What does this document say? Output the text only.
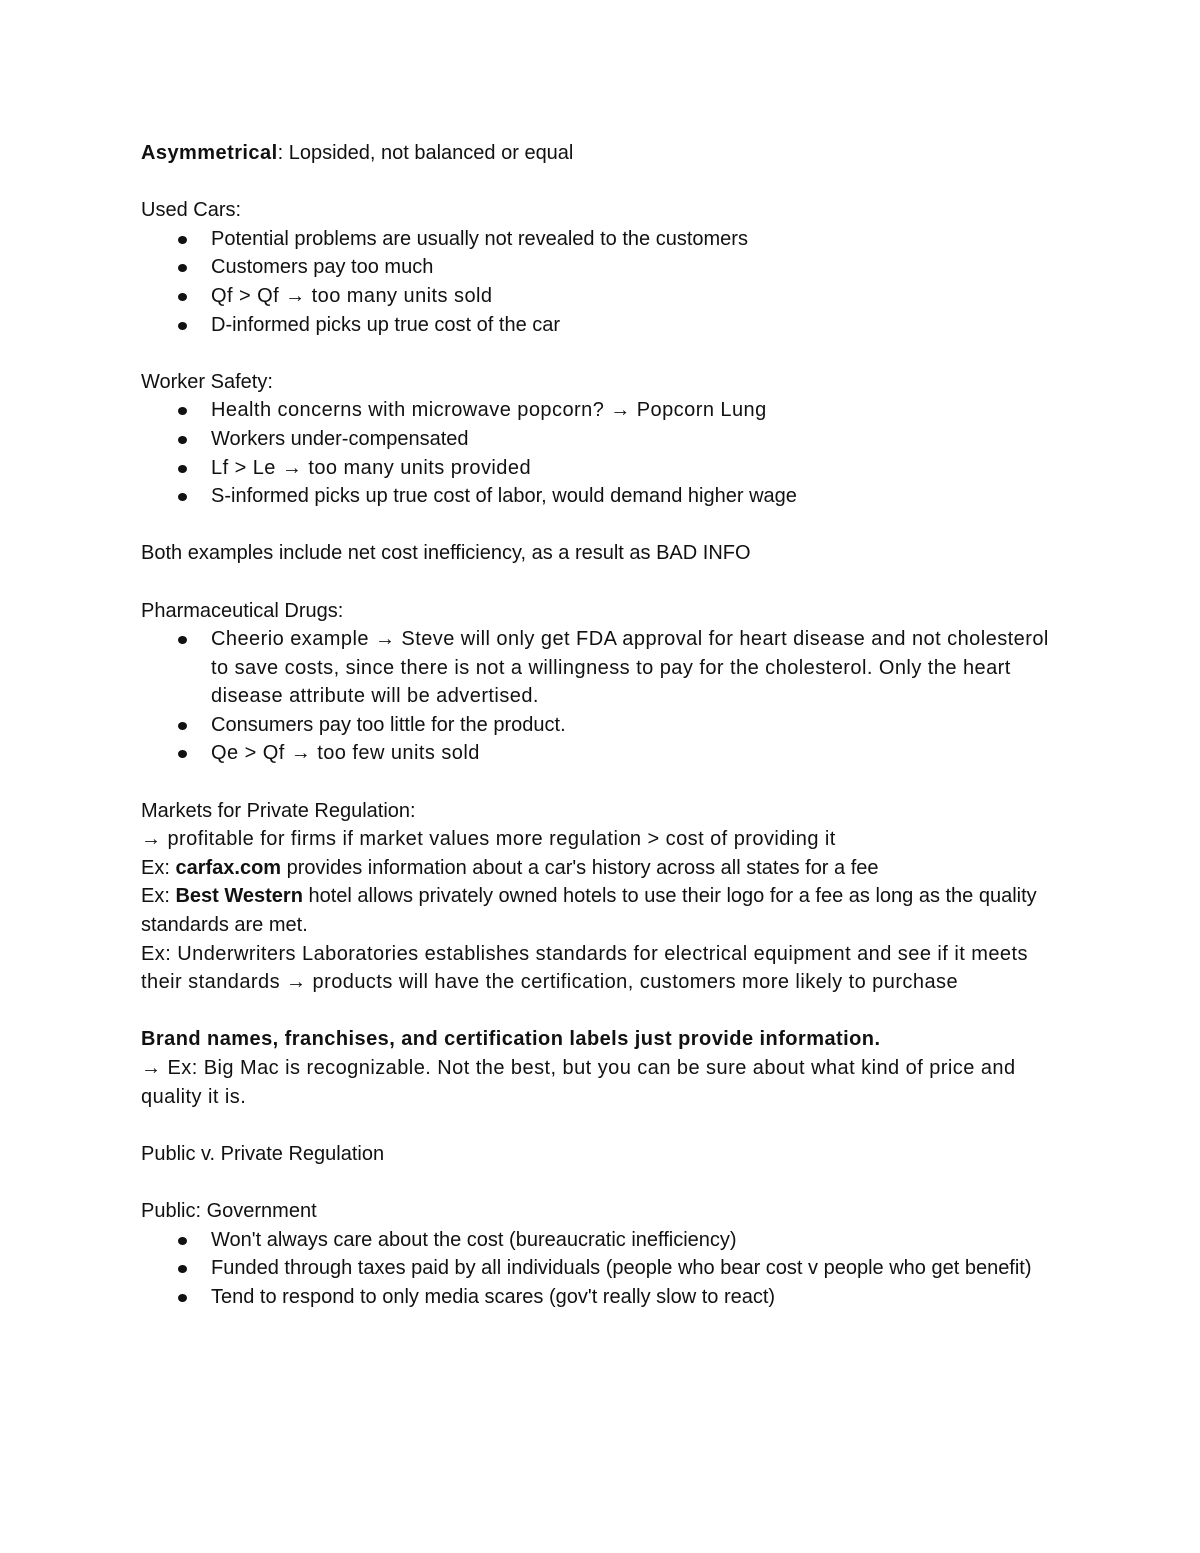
Asymmetrical: Lopsided, not balanced or equal

Used Cars:

Potential problems are usually not revealed to the customers
Customers pay too much
Qf > Qf → too many units sold
D-informed picks up true cost of the car

Worker Safety:

Health concerns with microwave popcorn? → Popcorn Lung
Workers under-compensated
Lf > Le → too many units provided
S-informed picks up true cost of labor, would demand higher wage

Both examples include net cost inefficiency, as a result as BAD INFO

Pharmaceutical Drugs:

Cheerio example → Steve will only get FDA approval for heart disease and not cholesterol to save costs, since there is not a willingness to pay for the cholesterol. Only the heart disease attribute will be advertised.
Consumers pay too little for the product.
Qe > Qf → too few units sold

Markets for Private Regulation:

→ profitable for firms if market values more regulation > cost of providing it

Ex: carfax.com provides information about a car's history across all states for a fee

Ex: Best Western hotel allows privately owned hotels to use their logo for a fee as long as the quality standards are met.

Ex: Underwriters Laboratories establishes standards for electrical equipment and see if it meets their standards → products will have the certification, customers more likely to purchase

Brand names, franchises, and certification labels just provide information.

→ Ex: Big Mac is recognizable. Not the best, but you can be sure about what kind of price and quality it is.

Public v. Private Regulation

Public: Government

Won't always care about the cost (bureaucratic inefficiency)
Funded through taxes paid by all individuals (people who bear cost v people who get benefit)
Tend to respond to only media scares (gov't really slow to react)
